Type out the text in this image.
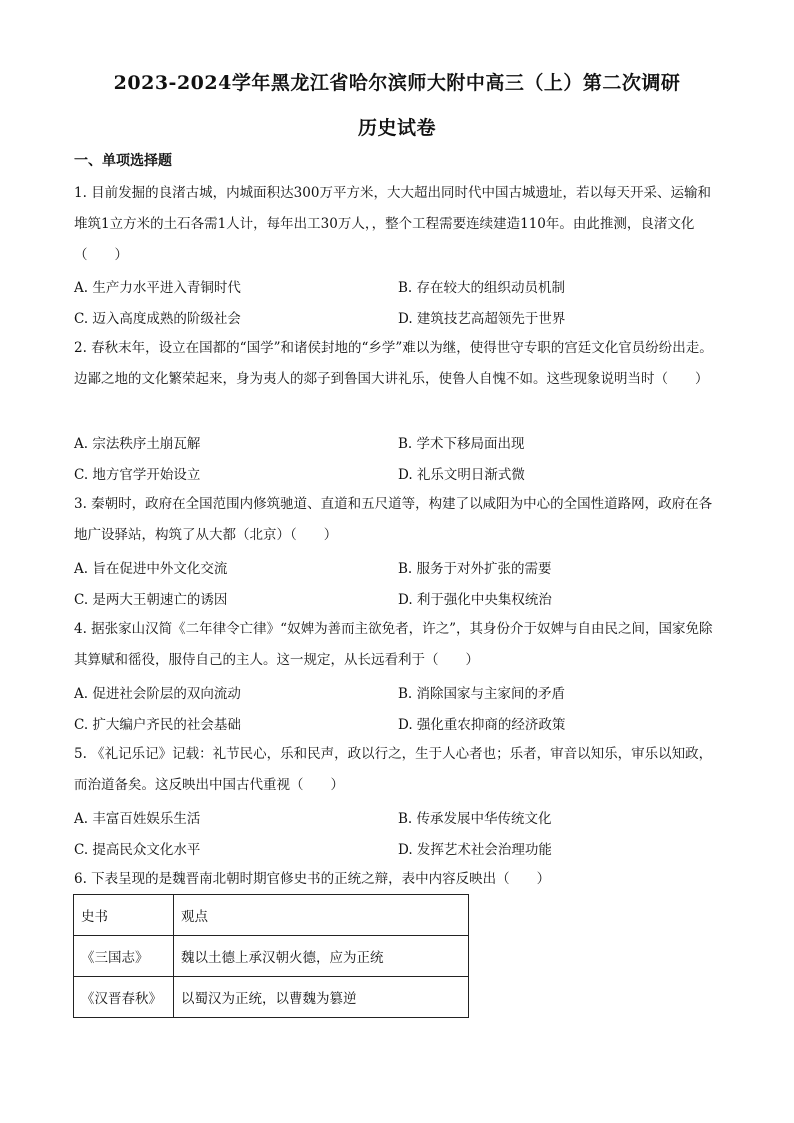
2023-2024学年黑龙江省哈尔滨师大附中高三（上）第二次调研
历史试卷
一、单项选择题
1. 目前发掘的良渚古城，内城面积达300万平方米，大大超出同时代中国古城遗址，若以每天开采、运输和堆筑1立方米的土石各需1人计，每年出工30万人，，整个工程需要连续建造110年。由此推测，良渚文化（　　）
A. 生产力水平进入青铜时代	B. 存在较大的组织动员机制
C. 迈入高度成熟的阶级社会	D. 建筑技艺高超领先于世界
2. 春秋末年，设立在国都的“国学”和诸侯封地的“乡学”难以为继，使得世守专职的宫廷文化官员纷纷出走。边鄙之地的文化繁荣起来，身为夷人的郯子到鲁国大讲礼乐，使鲁人自愧不如。这些现象说明当时（　　）
A. 宗法秩序土崩瓦解	B. 学术下移局面出现
C. 地方官学开始设立	D. 礼乐文明日渐式微
3. 秦朝时，政府在全国范围内修筑驰道、直道和五尺道等，构建了以咸阳为中心的全国性道路网，政府在各地广设驿站，构筑了从大都（北京）（　　）
A. 旨在促进中外文化交流	B. 服务于对外扩张的需要
C. 是两大王朝速亡的诱因	D. 利于强化中央集权统治
4. 据张家山汉简《二年律令亡律》“奴婢为善而主欲免者，许之”，其身份介于奴婢与自由民之间，国家免除其算赋和徭役，服侍自己的主人。这一规定，从长远看利于（　　）
A. 促进社会阶层的双向流动	B. 消除国家与主家间的矛盾
C. 扩大编户齐民的社会基础	D. 强化重农抑商的经济政策
5. 《礼记乐记》记载：礼节民心，乐和民声，政以行之，生于人心者也；乐者，审音以知乐，审乐以知政，而治道备矣。这反映出中国古代重视（　　）
A. 丰富百姓娱乐生活	B. 传承发展中华传统文化
C. 提高民众文化水平	D. 发挥艺术社会治理功能
6. 下表呈现的是魏晋南北朝时期官修史书的正统之辩，表中内容反映出（　　）
史书	观点
《三国志》	魏以土德上承汉朝火德，应为正统
《汉晋春秋》	以蜀汉为正统，以曹魏为篡逆
